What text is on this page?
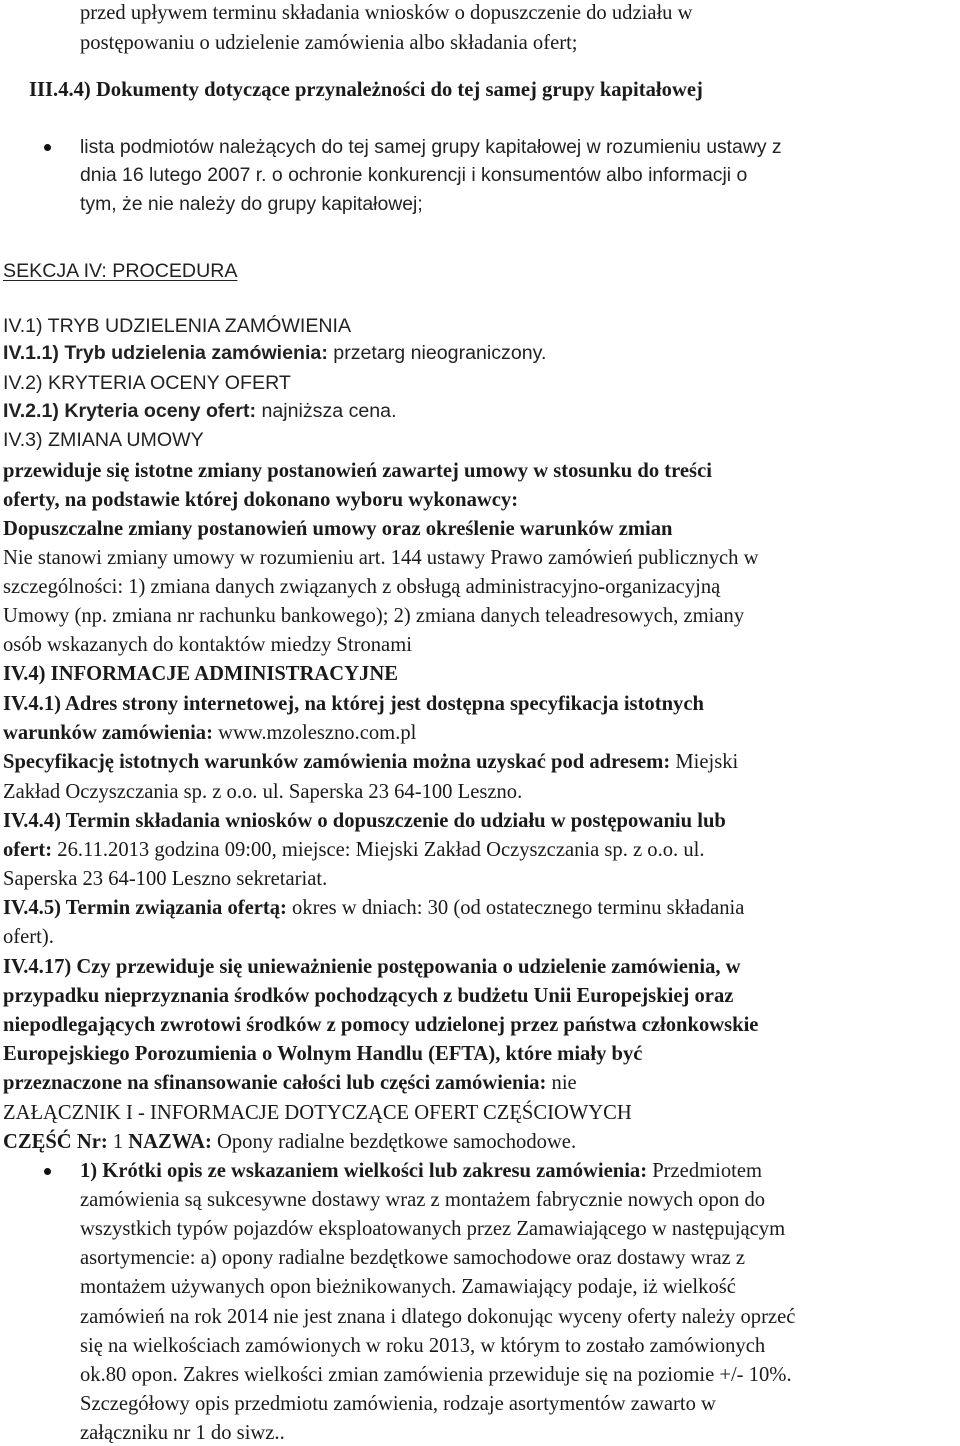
przed upływem terminu składania wniosków o dopuszczenie do udziału w

postępowaniu o udzielenie zamówienia albo składania ofert;

III.4.4) Dokumenty dotyczące przynależności do tej samej grupy kapitałowej

lista podmiotów należących do tej samej grupy kapitałowej w rozumieniu ustawy z

dnia 16 lutego 2007 r. o ochronie konkurencji i konsumentów albo informacji o

tym, że nie należy do grupy kapitałowej;

SEKCJA IV: PROCEDURA

IV.1) TRYB UDZIELENIA ZAMÓWIENIA

IV.1.1) Tryb udzielenia zamówienia: przetarg nieograniczony.

IV.2) KRYTERIA OCENY OFERT

IV.2.1) Kryteria oceny ofert: najniższa cena.

IV.3) ZMIANA UMOWY

przewiduje się istotne zmiany postanowień zawartej umowy w stosunku do treści

oferty, na podstawie której dokonano wyboru wykonawcy:

Dopuszczalne zmiany postanowień umowy oraz określenie warunków zmian

Nie stanowi zmiany umowy w rozumieniu art. 144 ustawy Prawo zamówień publicznych w

szczególności: 1) zmiana danych związanych z obsługą administracyjno-organizacyjną

Umowy (np. zmiana nr rachunku bankowego); 2) zmiana danych teleadresowych, zmiany

osób wskazanych do kontaktów miedzy Stronami

IV.4) INFORMACJE ADMINISTRACYJNE

IV.4.1) Adres strony internetowej, na której jest dostępna specyfikacja istotnych

warunków zamówienia: www.mzoleszno.com.pl

Specyfikację istotnych warunków zamówienia można uzyskać pod adresem: Miejski

Zakład Oczyszczania sp. z o.o. ul. Saperska 23 64-100 Leszno.

IV.4.4) Termin składania wniosków o dopuszczenie do udziału w postępowaniu lub

ofert: 26.11.2013 godzina 09:00, miejsce: Miejski Zakład Oczyszczania sp. z o.o. ul.

Saperska 23 64-100 Leszno sekretariat.

IV.4.5) Termin związania ofertą: okres w dniach: 30 (od ostatecznego terminu składania

ofert).

IV.4.17) Czy przewiduje się unieważnienie postępowania o udzielenie zamówienia, w

przypadku nieprzyznania środków pochodzących z budżetu Unii Europejskiej oraz

niepodlegających zwrotowi środków z pomocy udzielonej przez państwa członkowskie

Europejskiego Porozumienia o Wolnym Handlu (EFTA), które miały być

przeznaczone na sfinansowanie całości lub części zamówienia: nie

ZAŁĄCZNIK I - INFORMACJE DOTYCZĄCE OFERT CZĘŚCIOWYCH

CZĘŚĆ Nr: 1 NAZWA: Opony radialne bezdętkowe samochodowe.

1) Krótki opis ze wskazaniem wielkości lub zakresu zamówienia: Przedmiotem

zamówienia są sukcesywne dostawy wraz z montażem fabrycznie nowych opon do

wszystkich typów pojazdów eksploatowanych przez Zamawiającego w następującym

asortymencie: a) opony radialne bezdętkowe samochodowe oraz dostawy wraz z

montażem używanych opon bieżnikowanych. Zamawiający podaje, iż wielkość

zamówień na rok 2014 nie jest znana i dlatego dokonując wyceny oferty należy oprzeć

się na wielkościach zamówionych w roku 2013, w którym to zostało zamówionych

ok.80 opon. Zakres wielkości zmian zamówienia przewiduje się na poziomie +/- 10%.

Szczegółowy opis przedmiotu zamówienia, rodzaje asortymentów zawarto w

załączniku nr 1 do siwz..
